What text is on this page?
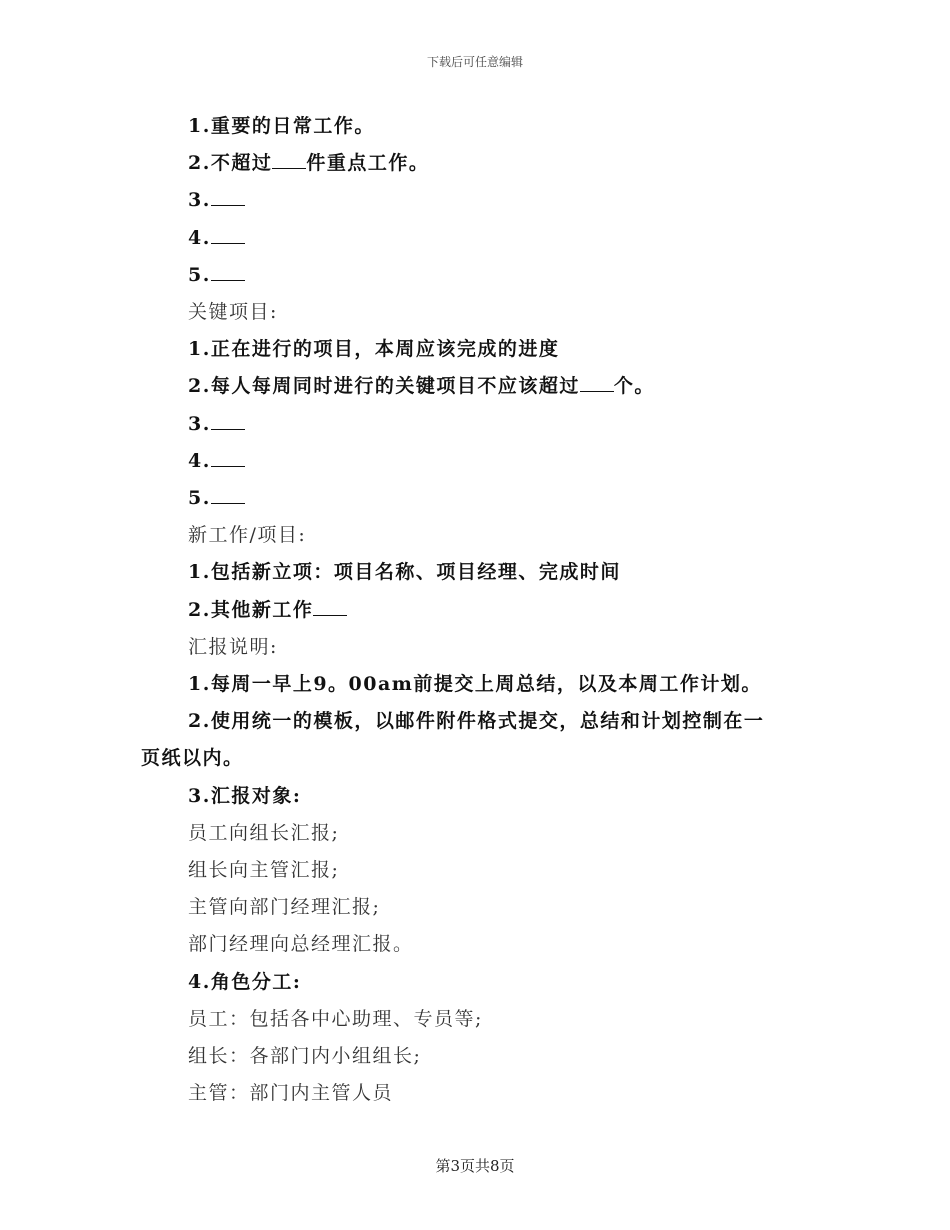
下载后可任意编辑
1.重要的日常工作。
2.不超过 件重点工作。
3.
4.
5.
关键项目:
1.正在进行的项目，本周应该完成的进度
2.每人每周同时进行的关键项目不应该超过 个。
3.
4.
5.
新工作/项目:
1.包括新立项：项目名称、项目经理、完成时间
2.其他新工作
汇报说明:
1.每周一早上9。00am前提交上周总结，以及本周工作计划。
2.使用统一的模板，以邮件附件格式提交，总结和计划控制在一
页纸以内。
3.汇报对象:
员工向组长汇报;
组长向主管汇报;
主管向部门经理汇报;
部门经理向总经理汇报。
4.角色分工:
员工：包括各中心助理、专员等;
组长：各部门内小组组长;
主管：部门内主管人员
第3页共8页
